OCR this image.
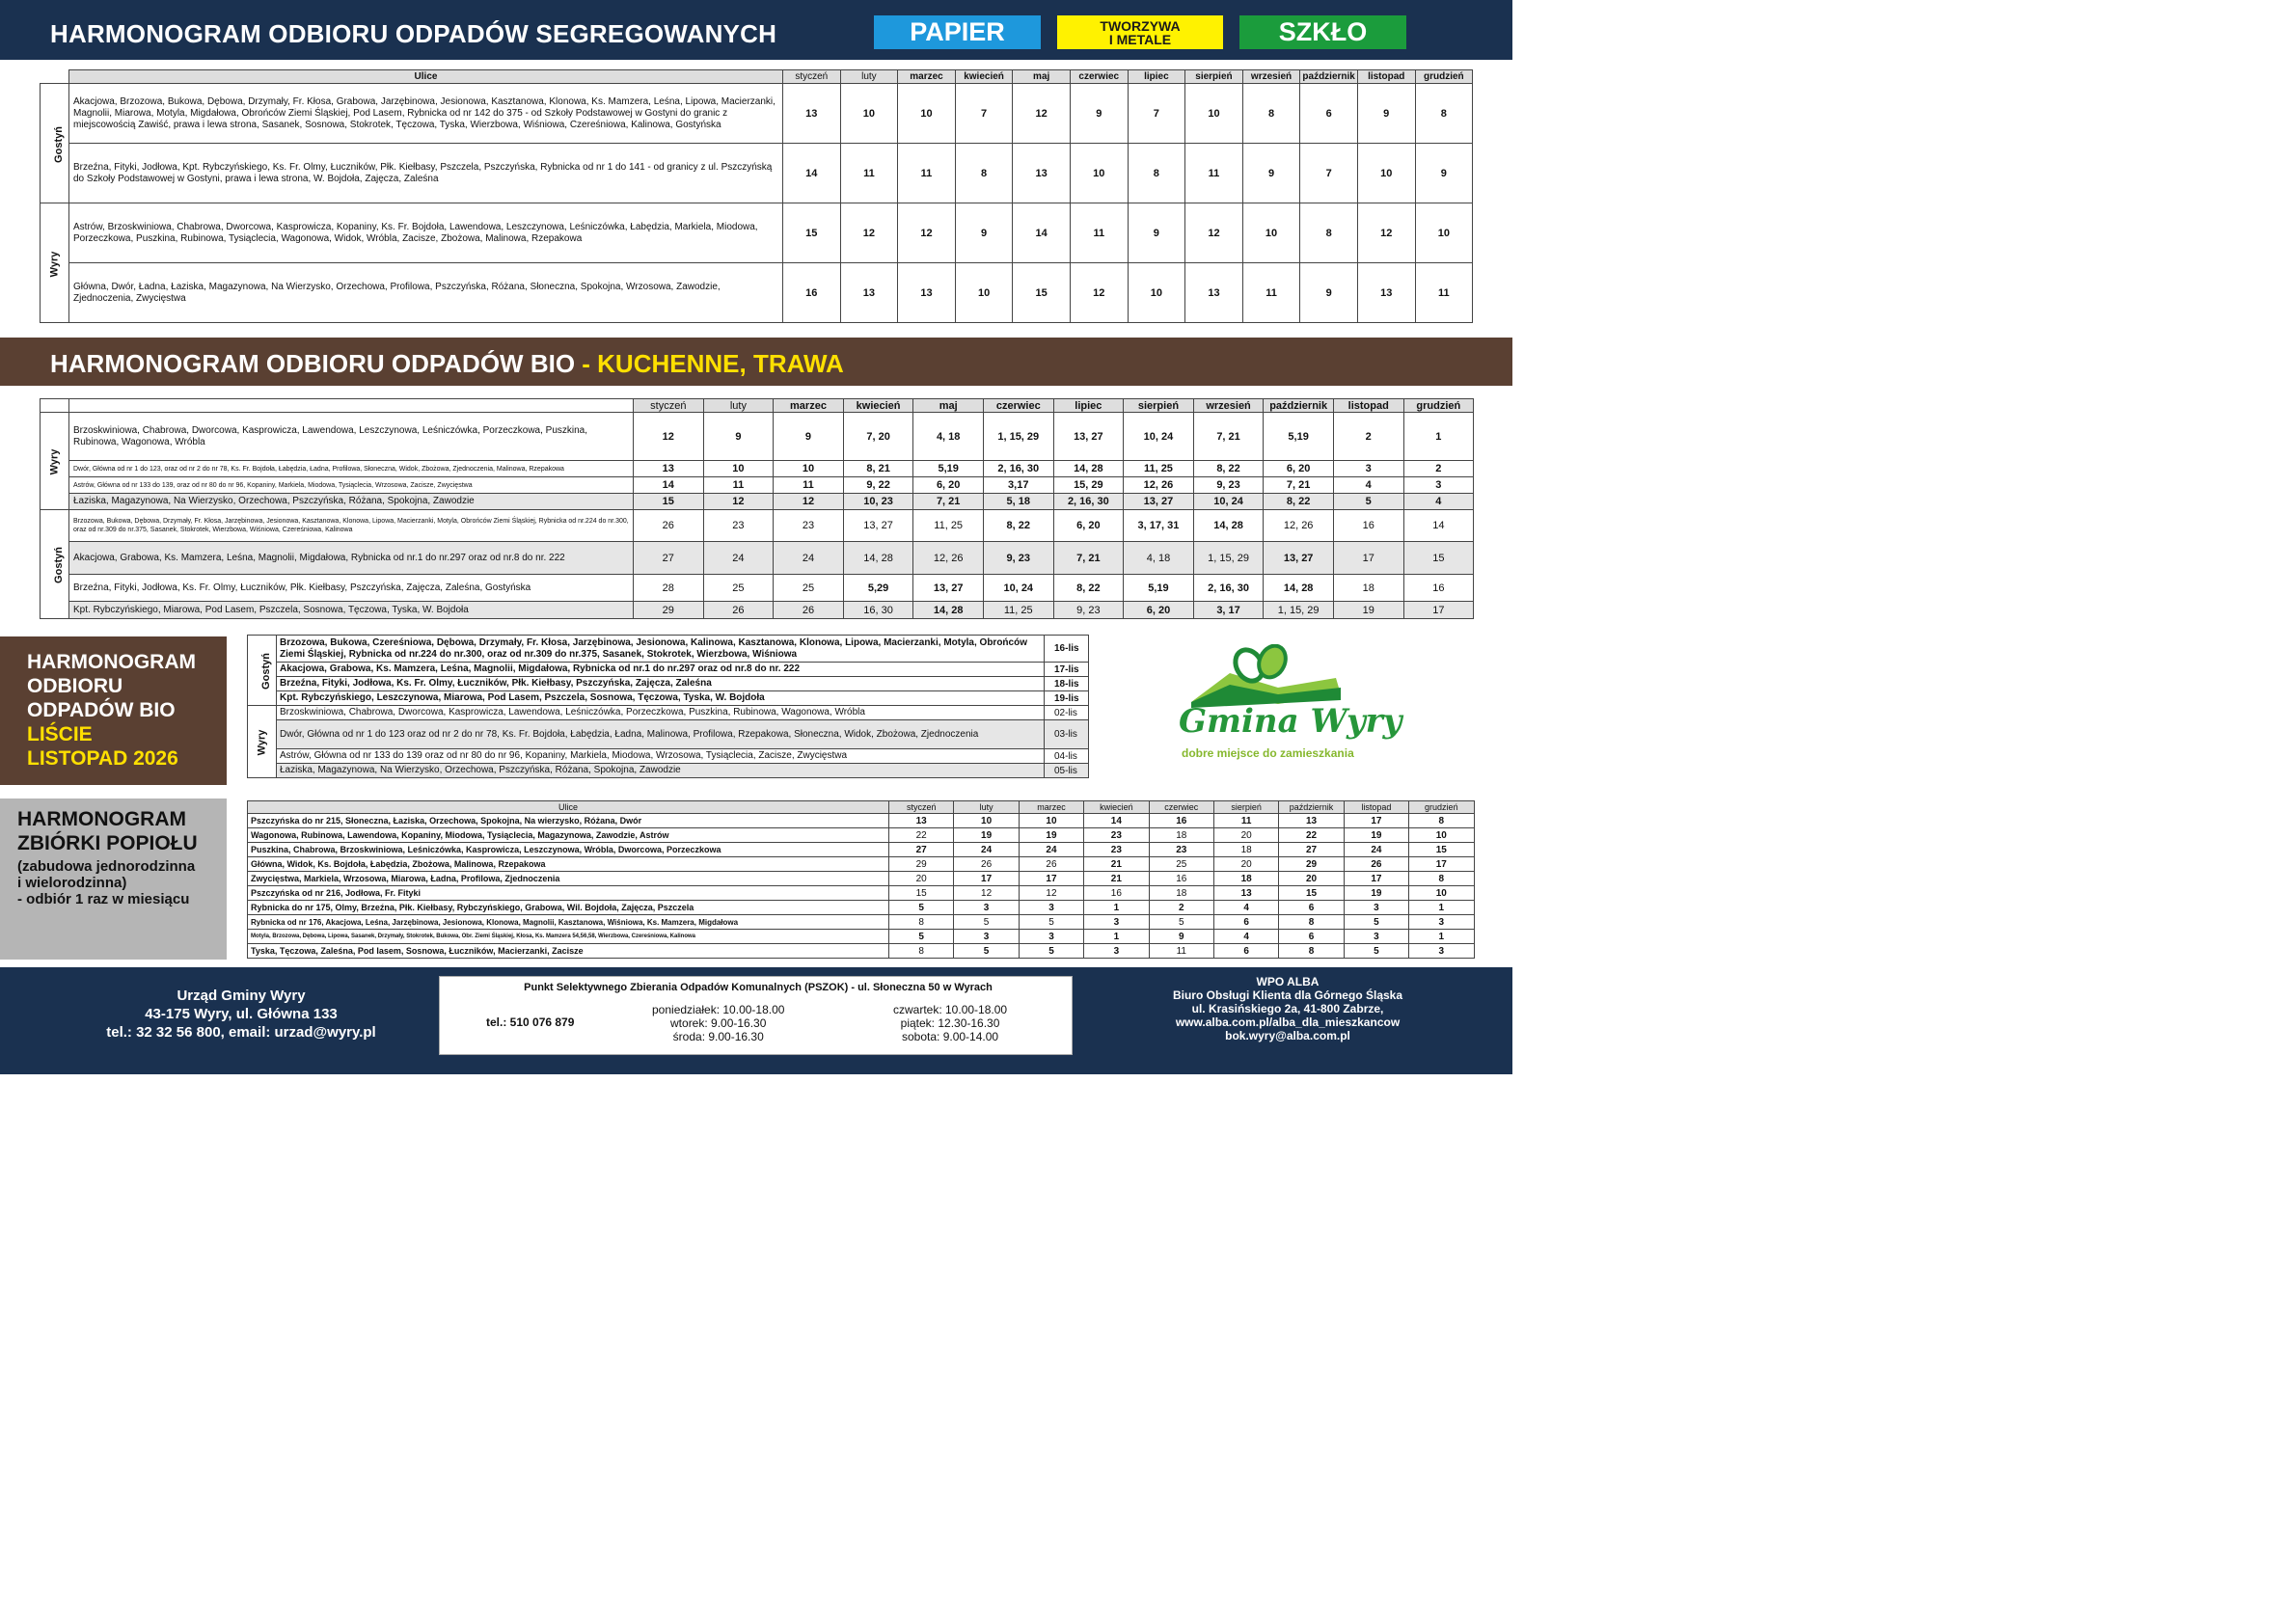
HARMONOGRAM ODBIORU ODPADÓW SEGREGOWANYCH	PAPIER	TWORZYWA
I METALE	SZKŁO
	Ulice	styczeń	luty	marzec	kwiecień	maj	czerwiec	lipiec	sierpień	wrzesień	październik	listopad	grudzień
Gostyń	Akacjowa, Brzozowa, Bukowa, Dębowa, Drzymały, Fr. Kłosa, Grabowa, Jarzębinowa, Jesionowa, Kasztanowa, Klonowa, Ks. Mamzera, Leśna, Lipowa, Macierzanki, Magnolii, Miarowa, Motyla, Migdałowa, Obrońców Ziemi Śląskiej, Pod Lasem, Rybnicka od nr 142 do 375 - od Szkoły Podstawowej w Gostyni do granic z miejscowością Zawiść, prawa i lewa strona, Sasanek, Sosnowa, Stokrotek, Tęczowa, Tyska, Wierzbowa, Wiśniowa, Czereśniowa, Kalinowa, Gostyńska	13	10	10	7	12	9	7	10	8	6	9	8
	Brzeźna, Fityki, Jodłowa, Kpt. Rybczyńskiego, Ks. Fr. Olmy, Łuczników, Płk. Kiełbasy, Pszczela, Pszczyńska, Rybnicka od nr 1 do 141 - od granicy z ul. Pszczyńską do Szkoły Podstawowej w Gostyni, prawa i lewa strona, W. Bojdoła, Zajęcza, Zaleśna	14	11	11	8	13	10	8	11	9	7	10	9
Wyry	Astrów, Brzoskwiniowa, Chabrowa, Dworcowa, Kasprowicza, Kopaniny, Ks. Fr. Bojdoła, Lawendowa, Leszczynowa, Leśniczówka, Łabędzia, Markiela, Miodowa, Porzeczkowa, Puszkina, Rubinowa, Tysiąclecia, Wagonowa, Widok, Wróbla, Zacisze, Zbożowa, Malinowa, Rzepakowa	15	12	12	9	14	11	9	12	10	8	12	10
	Główna, Dwór, Ładna, Łaziska, Magazynowa, Na Wierzysko, Orzechowa, Profilowa, Pszczyńska, Różana, Słoneczna, Spokojna, Wrzosowa, Zawodzie, Zjednoczenia, Zwycięstwa	16	13	13	10	15	12	10	13	11	9	13	11
HARMONOGRAM ODBIORU ODPADÓW BIO - KUCHENNE, TRAWA
		styczeń	luty	marzec	kwiecień	maj	czerwiec	lipiec	sierpień	wrzesień	październik	listopad	grudzień
Wyry	Brzoskwiniowa, Chabrowa, Dworcowa, Kasprowicza, Lawendowa, Leszczynowa, Leśniczówka, Porzeczkowa, Puszkina, Rubinowa, Wagonowa, Wróbla	12	9	9	7, 20	4, 18	1, 15, 29	13, 27	10, 24	7, 21	5,19	2	1
	Dwór, Główna od nr 1 do 123, oraz od nr 2 do nr 78, Ks. Fr. Bojdoła, Łabędzia, Ładna, Profilowa, Słoneczna, Widok, Zbożowa, Zjednoczenia, Malinowa, Rzepakowa	13	10	10	8, 21	5,19	2, 16, 30	14, 28	11, 25	8, 22	6, 20	3	2
	Astrów, Główna od nr 133 do 139, oraz od nr 80 do nr 96, Kopaniny, Markiela, Miodowa, Tysiąclecia, Wrzosowa, Zacisze, Zwycięstwa	14	11	11	9, 22	6, 20	3,17	15, 29	12, 26	9, 23	7, 21	4	3
	Łaziska, Magazynowa, Na Wierzysko, Orzechowa, Pszczyńska, Różana, Spokojna, Zawodzie	15	12	12	10, 23	7, 21	5, 18	2, 16, 30	13, 27	10, 24	8, 22	5	4
Gostyń	Brzozowa, Bukowa, Dębowa, Drzymały, Fr. Kłosa, Jarzębinowa, Jesionowa, Kasztanowa, Klonowa, Lipowa, Macierzanki, Motyla, Obrońców Ziemi Śląskiej, Rybnicka od nr.224 do nr.300, oraz od nr.309 do nr.375, Sasanek, Stokrotek, Wierzbowa, Wiśniowa, Czereśniowa, Kalinowa	26	23	23	13, 27	11, 25	8, 22	6, 20	3, 17, 31	14, 28	12, 26	16	14
	Akacjowa, Grabowa, Ks. Mamzera, Leśna, Magnolii, Migdałowa, Rybnicka od nr.1 do nr.297 oraz od nr.8 do nr. 222	27	24	24	14, 28	12, 26	9, 23	7, 21	4, 18	1, 15, 29	13, 27	17	15
	Brzeźna, Fityki, Jodłowa, Ks. Fr. Olmy, Łuczników, Płk. Kiełbasy, Pszczyńska, Zajęcza, Zaleśna, Gostyńska	28	25	25	5,29	13, 27	10, 24	8, 22	5,19	2, 16, 30	14, 28	18	16
	Kpt. Rybczyńskiego, Miarowa, Pod Lasem, Pszczela, Sosnowa, Tęczowa, Tyska, W. Bojdoła	29	26	26	16, 30	14, 28	11, 25	9, 23	6, 20	3, 17	1, 15, 29	19	17
HARMONOGRAM
ODBIORU
ODPADÓW BIO
LIŚCIE
LISTOPAD 2026
Gostyń	Brzozowa, Bukowa, Czereśniowa, Dębowa, Drzymały, Fr. Kłosa, Jarzębinowa, Jesionowa, Kalinowa, Kasztanowa, Klonowa, Lipowa, Macierzanki, Motyla, Obrońców Ziemi Śląskiej, Rybnicka od nr.224 do nr.300, oraz od nr.309 do nr.375, Sasanek, Stokrotek, Wierzbowa, Wiśniowa	16-lis
	Akacjowa, Grabowa, Ks. Mamzera, Leśna, Magnolii, Migdałowa, Rybnicka od nr.1 do nr.297 oraz od nr.8 do nr. 222	17-lis
	Brzeźna, Fityki, Jodłowa, Ks. Fr. Olmy, Łuczników, Płk. Kiełbasy, Pszczyńska, Zajęcza, Zaleśna	18-lis
	Kpt. Rybczyńskiego, Leszczynowa, Miarowa, Pod Lasem, Pszczela, Sosnowa, Tęczowa, Tyska, W. Bojdoła	19-lis
Wyry	Brzoskwiniowa, Chabrowa, Dworcowa, Kasprowicza, Lawendowa, Leśniczówka, Porzeczkowa, Puszkina, Rubinowa, Wagonowa, Wróbla	02-lis
	Dwór, Główna od nr 1 do 123 oraz od nr 2 do nr 78, Ks. Fr. Bojdoła, Łabędzia, Ładna, Malinowa, Profilowa, Rzepakowa, Słoneczna, Widok, Zbożowa, Zjednoczenia	03-lis
	Astrów, Główna od nr 133 do 139 oraz od nr 80 do nr 96, Kopaniny, Markiela, Miodowa, Wrzosowa, Tysiąclecia, Zacisze, Zwycięstwa	04-lis
	Łaziska, Magazynowa, Na Wierzysko, Orzechowa, Pszczyńska, Różana, Spokojna, Zawodzie	05-lis
Gmina Wyry
dobre miejsce do zamieszkania
HARMONOGRAM
ZBIÓRKI POPIOŁU
(zabudowa jednorodzinna
i wielorodzinna)
- odbiór 1 raz w miesiącu
Ulice	styczeń	luty	marzec	kwiecień	czerwiec	sierpień	październik	listopad	grudzień
Pszczyńska do nr 215, Słoneczna, Łaziska, Orzechowa, Spokojna, Na wierzysko, Różana, Dwór	13	10	10	14	16	11	13	17	8
Wagonowa, Rubinowa, Lawendowa, Kopaniny, Miodowa, Tysiąclecia, Magazynowa, Zawodzie, Astrów	22	19	19	23	18	20	22	19	10
Puszkina, Chabrowa, Brzoskwiniowa, Leśniczówka, Kasprowicza, Leszczynowa, Wróbla, Dworcowa, Porzeczkowa	27	24	24	23	23	18	27	24	15
Główna, Widok, Ks. Bojdoła, Łabędzia, Zbożowa, Malinowa, Rzepakowa	29	26	26	21	25	20	29	26	17
Zwycięstwa, Markiela, Wrzosowa, Miarowa, Ładna, Profilowa, Zjednoczenia	20	17	17	21	16	18	20	17	8
Pszczyńska od nr 216, Jodłowa, Fr. Fityki	15	12	12	16	18	13	15	19	10
Rybnicka do nr 175, Olmy, Brzeźna, Płk. Kiełbasy, Rybczyńskiego, Grabowa, Wil. Bojdoła, Zajęcza, Pszczela	5	3	3	1	2	4	6	3	1
Rybnicka od nr 176, Akacjowa, Leśna, Jarzębinowa, Jesionowa, Klonowa, Magnolii, Kasztanowa, Wiśniowa, Ks. Mamzera, Migdałowa	8	5	5	3	5	6	8	5	3
Motyla, Brzozowa, Dębowa, Lipowa, Sasanek, Drzymały, Stokrotek, Bukowa, Obr. Ziemi Śląskiej, Kłosa, Ks. Mamzera 54,56,58, Wierzbowa, Czereśniowa, Kalinowa	5	3	3	1	9	4	6	3	1
Tyska, Tęczowa, Zaleśna, Pod lasem, Sosnowa, Łuczników, Macierzanki, Zacisze	8	5	5	3	11	6	8	5	3
Urząd Gminy Wyry
43-175 Wyry, ul. Główna 133
tel.: 32 32 56 800, email: urzad@wyry.pl
Punkt Selektywnego Zbierania Odpadów Komunalnych (PSZOK) - ul. Słoneczna 50 w Wyrach
tel.: 510 076 879
poniedziałek: 10.00-18.00
wtorek: 9.00-16.30
środa: 9.00-16.30
czwartek: 10.00-18.00
piątek: 12.30-16.30
sobota: 9.00-14.00
WPO ALBA
Biuro Obsługi Klienta dla Górnego Śląska
ul. Krasińskiego 2a, 41-800 Zabrze,
www.alba.com.pl/alba_dla_mieszkancow
bok.wyry@alba.com.pl
